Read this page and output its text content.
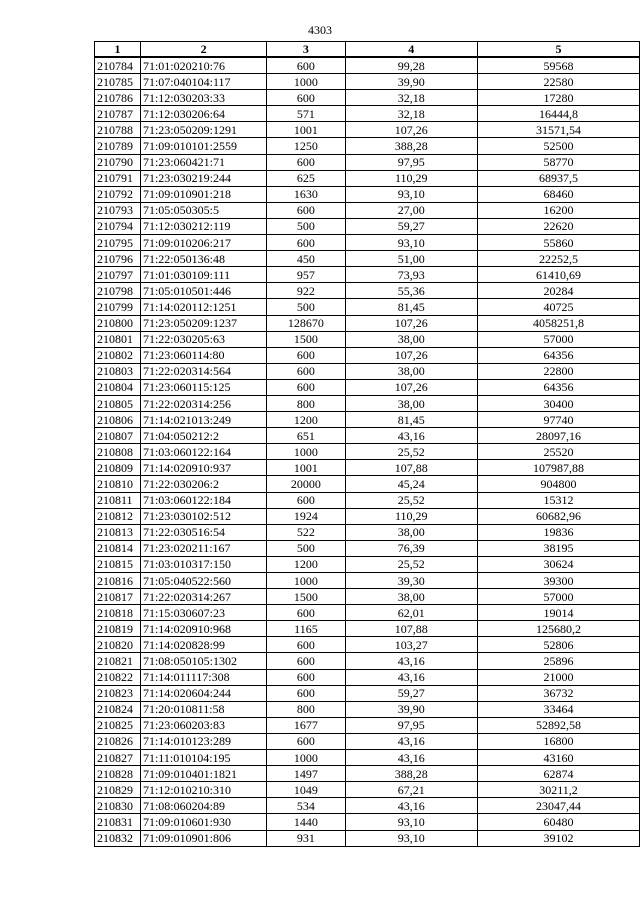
4303
1	2	3	4	5
210784	71:01:020210:76	600	99,28	59568
210785	71:07:040104:117	1000	39,90	22580
210786	71:12:030203:33	600	32,18	17280
210787	71:12:030206:64	571	32,18	16444,8
210788	71:23:050209:1291	1001	107,26	31571,54
210789	71:09:010101:2559	1250	388,28	52500
210790	71:23:060421:71	600	97,95	58770
210791	71:23:030219:244	625	110,29	68937,5
210792	71:09:010901:218	1630	93,10	68460
210793	71:05:050305:5	600	27,00	16200
210794	71:12:030212:119	500	59,27	22620
210795	71:09:010206:217	600	93,10	55860
210796	71:22:050136:48	450	51,00	22252,5
210797	71:01:030109:111	957	73,93	61410,69
210798	71:05:010501:446	922	55,36	20284
210799	71:14:020112:1251	500	81,45	40725
210800	71:23:050209:1237	128670	107,26	4058251,8
210801	71:22:030205:63	1500	38,00	57000
210802	71:23:060114:80	600	107,26	64356
210803	71:22:020314:564	600	38,00	22800
210804	71:23:060115:125	600	107,26	64356
210805	71:22:020314:256	800	38,00	30400
210806	71:14:021013:249	1200	81,45	97740
210807	71:04:050212:2	651	43,16	28097,16
210808	71:03:060122:164	1000	25,52	25520
210809	71:14:020910:937	1001	107,88	107987,88
210810	71:22:030206:2	20000	45,24	904800
210811	71:03:060122:184	600	25,52	15312
210812	71:23:030102:512	1924	110,29	60682,96
210813	71:22:030516:54	522	38,00	19836
210814	71:23:020211:167	500	76,39	38195
210815	71:03:010317:150	1200	25,52	30624
210816	71:05:040522:560	1000	39,30	39300
210817	71:22:020314:267	1500	38,00	57000
210818	71:15:030607:23	600	62,01	19014
210819	71:14:020910:968	1165	107,88	125680,2
210820	71:14:020828:99	600	103,27	52806
210821	71:08:050105:1302	600	43,16	25896
210822	71:14:011117:308	600	43,16	21000
210823	71:14:020604:244	600	59,27	36732
210824	71:20:010811:58	800	39,90	33464
210825	71:23:060203:83	1677	97,95	52892,58
210826	71:14:010123:289	600	43,16	16800
210827	71:11:010104:195	1000	43,16	43160
210828	71:09:010401:1821	1497	388,28	62874
210829	71:12:010210:310	1049	67,21	30211,2
210830	71:08:060204:89	534	43,16	23047,44
210831	71:09:010601:930	1440	93,10	60480
210832	71:09:010901:806	931	93,10	39102
